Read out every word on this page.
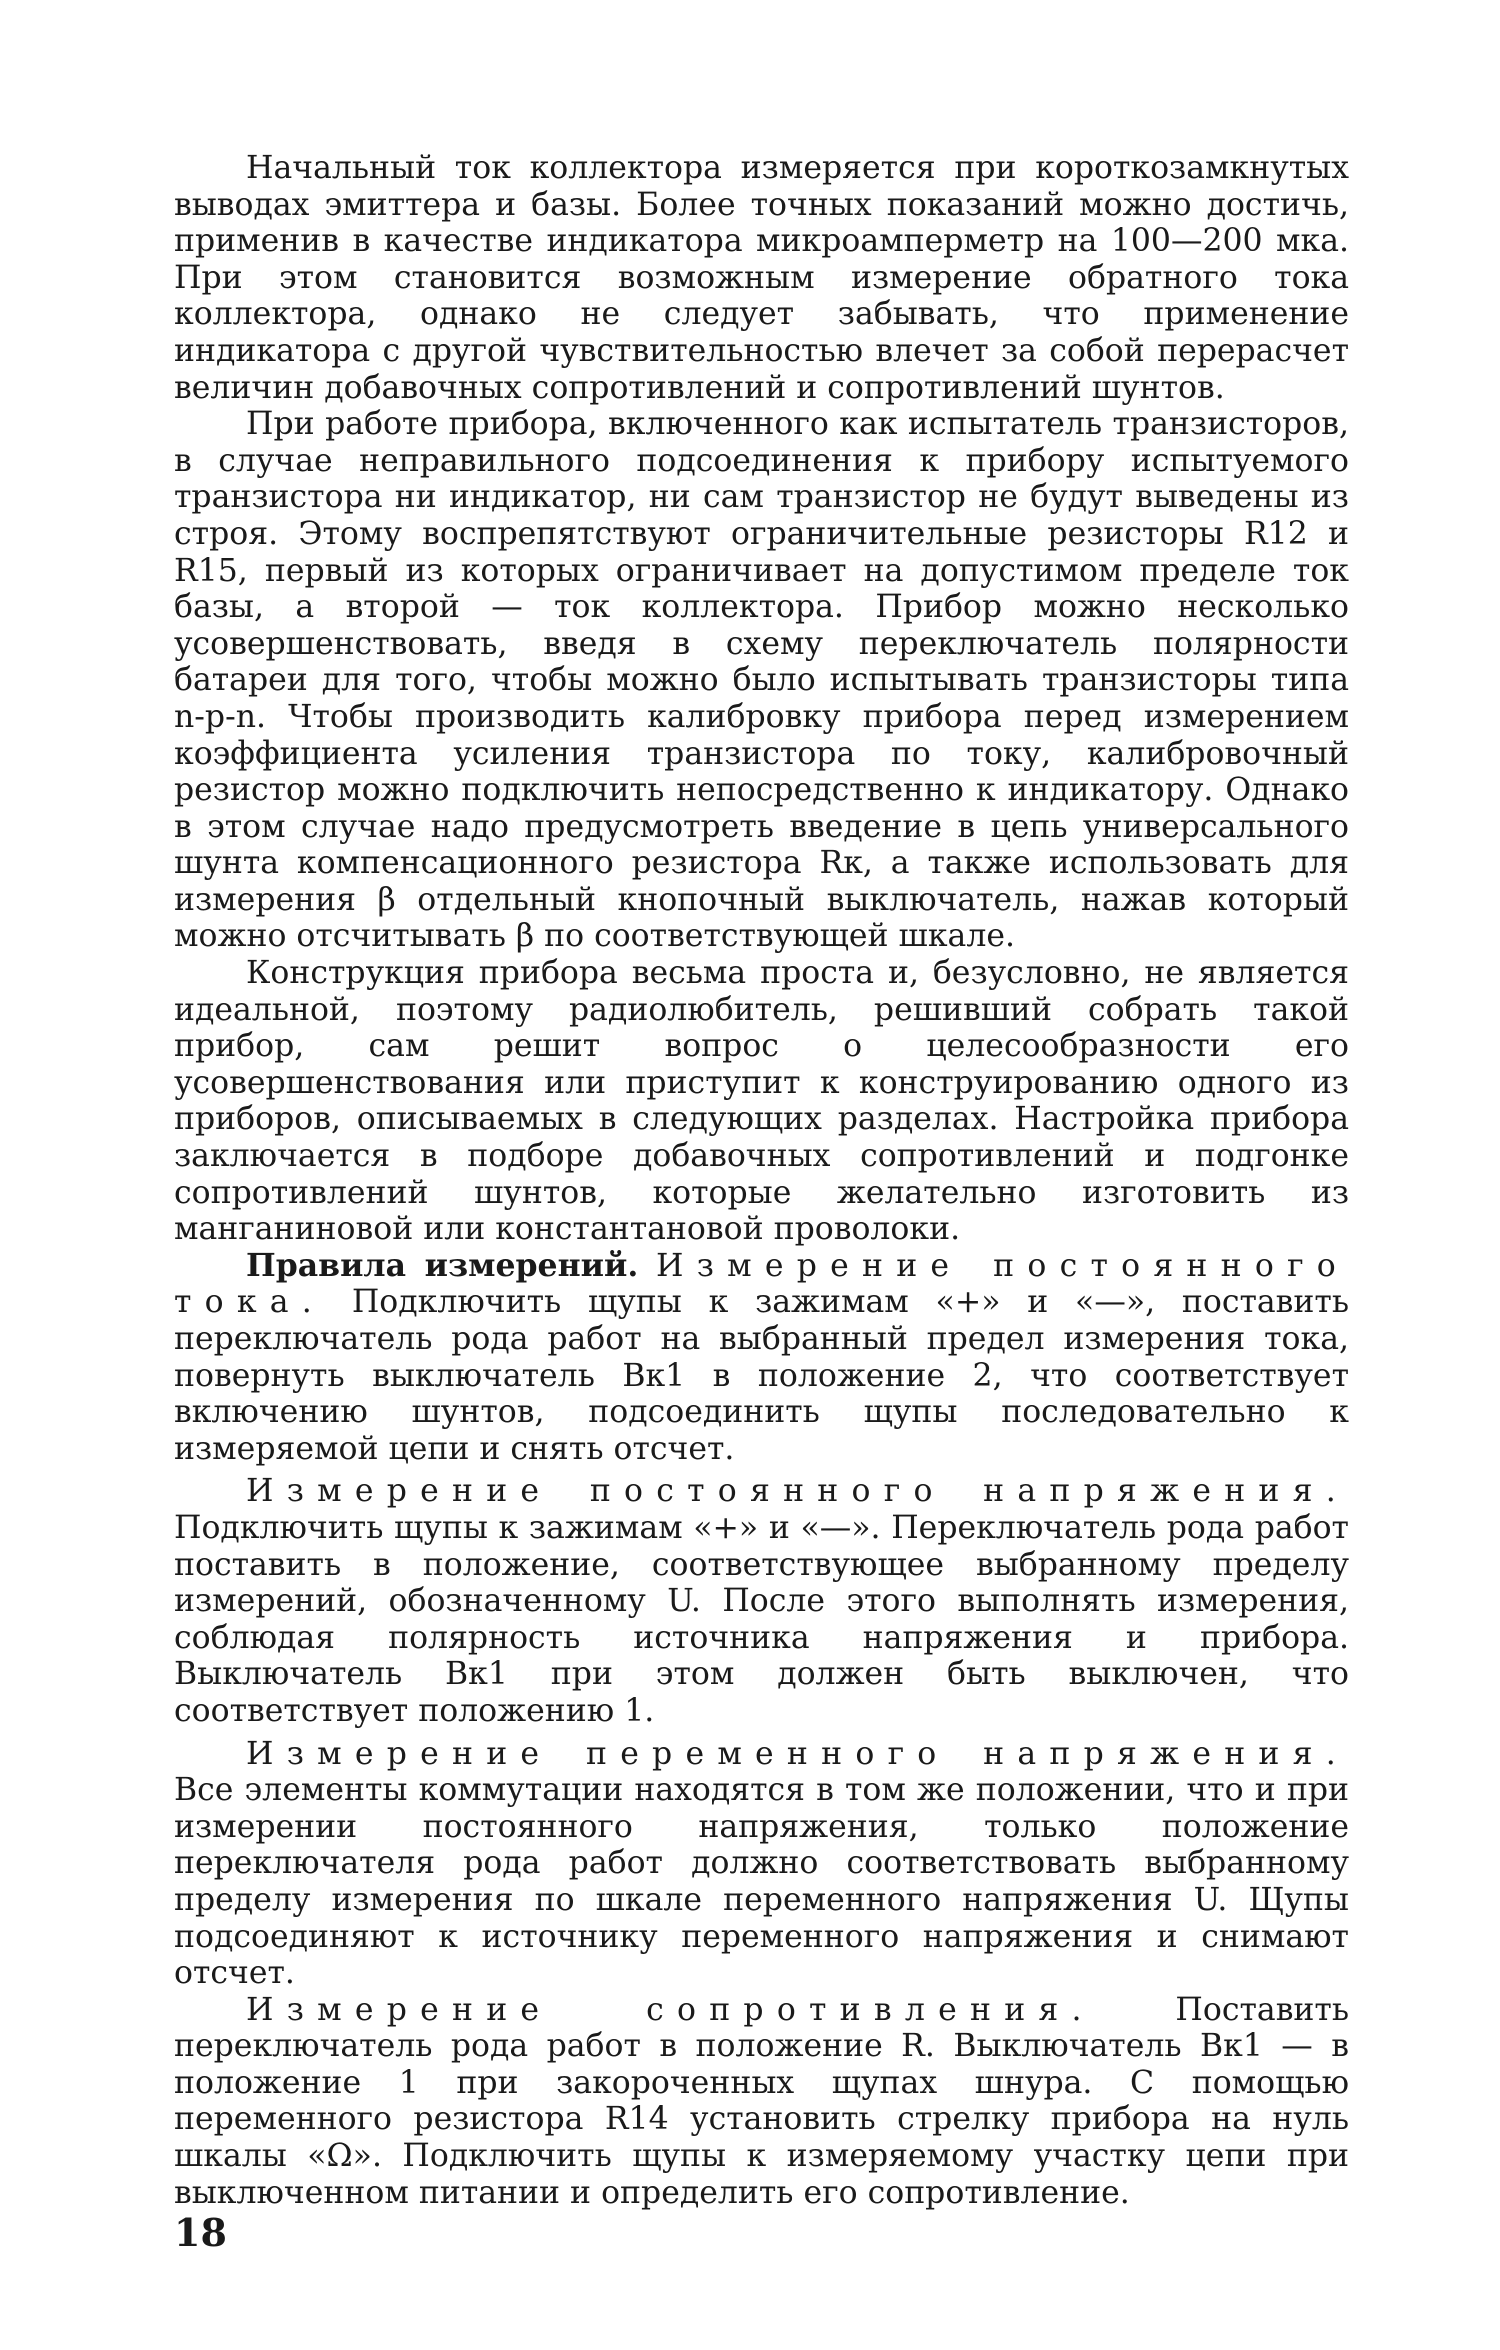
Начальный ток коллектора измеряется при короткозамкнутых выводах эмиттера и базы. Более точных показаний можно достичь, применив в качестве индикатора микроамперметр на 100—200 мка. При этом становится возможным измерение обратного тока коллектора, однако не следует забывать, что применение индикатора с другой чувствительностью влечет за собой перерасчет величин добавочных сопротивлений и сопротивлений шунтов.

При работе прибора, включенного как испытатель транзисторов, в случае неправильного подсоединения к прибору испытуемого транзистора ни индикатор, ни сам транзистор не будут выведены из строя. Этому воспрепятствуют ограничительные резисторы R12 и R15, первый из которых ограничивает на допустимом пределе ток базы, а второй — ток коллектора. Прибор можно несколько усовершенствовать, введя в схему переключатель полярности батареи для того, чтобы можно было испытывать транзисторы типа n-p-n. Чтобы производить калибровку прибора перед измерением коэффициента усиления транзистора по току, калибровочный резистор можно подключить непосредственно к индикатору. Однако в этом случае надо предусмотреть введение в цепь универсального шунта компенсационного резистора Rк, а также использовать для измерения β отдельный кнопочный выключатель, нажав который можно отсчитывать β по соответствующей шкале.

Конструкция прибора весьма проста и, безусловно, не является идеальной, поэтому радиолюбитель, решивший собрать такой прибор, сам решит вопрос о целесообразности его усовершенствования или приступит к конструированию одного из приборов, описываемых в следующих разделах. Настройка прибора заключается в подборе добавочных сопротивлений и подгонке сопротивлений шунтов, которые желательно изготовить из манганиновой или константановой проволоки.

Правила измерений. Измерение постоянного тока. Подключить щупы к зажимам «+» и «—», поставить переключатель рода работ на выбранный предел измерения тока, повернуть выключатель Вк1 в положение 2, что соответствует включению шунтов, подсоединить щупы последовательно к измеряемой цепи и снять отсчет.

Измерение постоянного напряжения. Подключить щупы к зажимам «+» и «—». Переключатель рода работ поставить в положение, соответствующее выбранному пределу измерений, обозначенному U. После этого выполнять измерения, соблюдая полярность источника напряжения и прибора. Выключатель Вк1 при этом должен быть выключен, что соответствует положению 1.

Измерение переменного напряжения. Все элементы коммутации находятся в том же положении, что и при измерении постоянного напряжения, только положение переключателя рода работ должно соответствовать выбранному пределу измерения по шкале переменного напряжения U. Щупы подсоединяют к источнику переменного напряжения и снимают отсчет.

Измерение сопротивления.	Поставить переключатель рода работ в положение R. Выключатель Вк1 — в положение 1 при закороченных щупах шнура. С помощью переменного резистора R14 установить стрелку прибора на нуль шкалы «Ω». Подключить щупы к измеряемому участку цепи при выключенном питании и определить его сопротивление.

18
